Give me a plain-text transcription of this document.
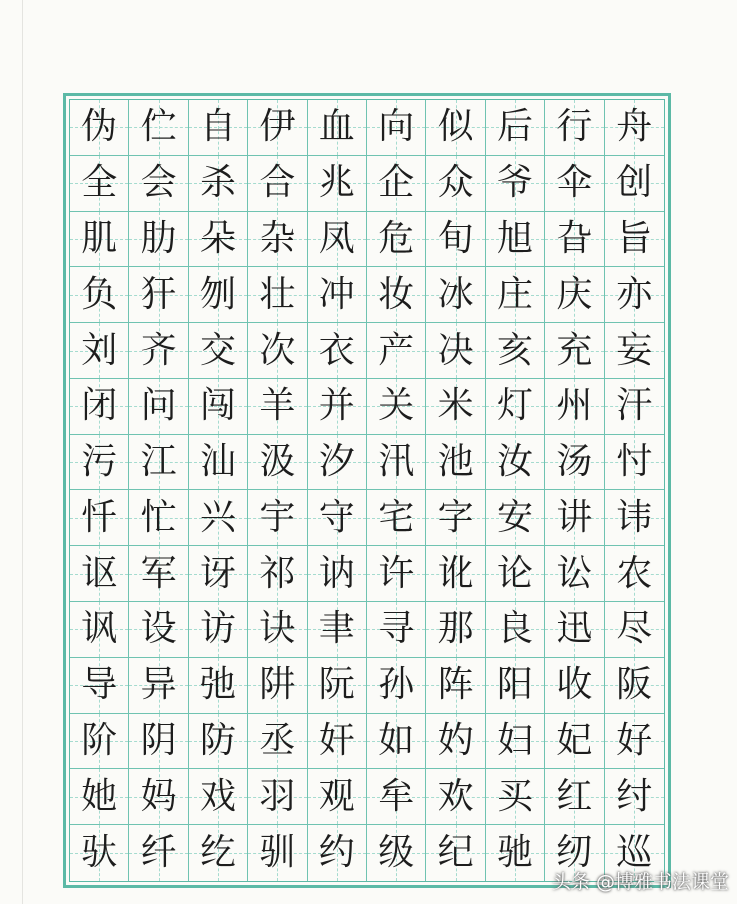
伪 伫 自 伊 血 向 似 后 行 舟
全 会 杀 合 兆 企 众 爷 伞 创
肌 肋 朵 杂 凤 危 旬 旭 旮 旨
负 犴 刎 壮 冲 妆 冰 庄 庆 亦
刘 齐 交 次 衣 产 决 亥 充 妄
闭 问 闯 羊 并 关 米 灯 州 汗
污 江 汕 汲 汐 汛 池 汝 汤 忖
忏 忙 兴 宇 守 宅 字 安 讲 讳
讴 军 讶 祁 讷 许 讹 论 讼 农
讽 设 访 诀 聿 寻 那 良 迅 尽
导 异 弛 阱 阮 孙 阵 阳 收 阪
阶 阴 防 丞 奸 如 妁 妇 妃 好
她 妈 戏 羽 观 牟 欢 买 红 纣
驮 纤 纥 驯 约 级 纪 驰 纫 巡
头条 @博雅书法课堂
